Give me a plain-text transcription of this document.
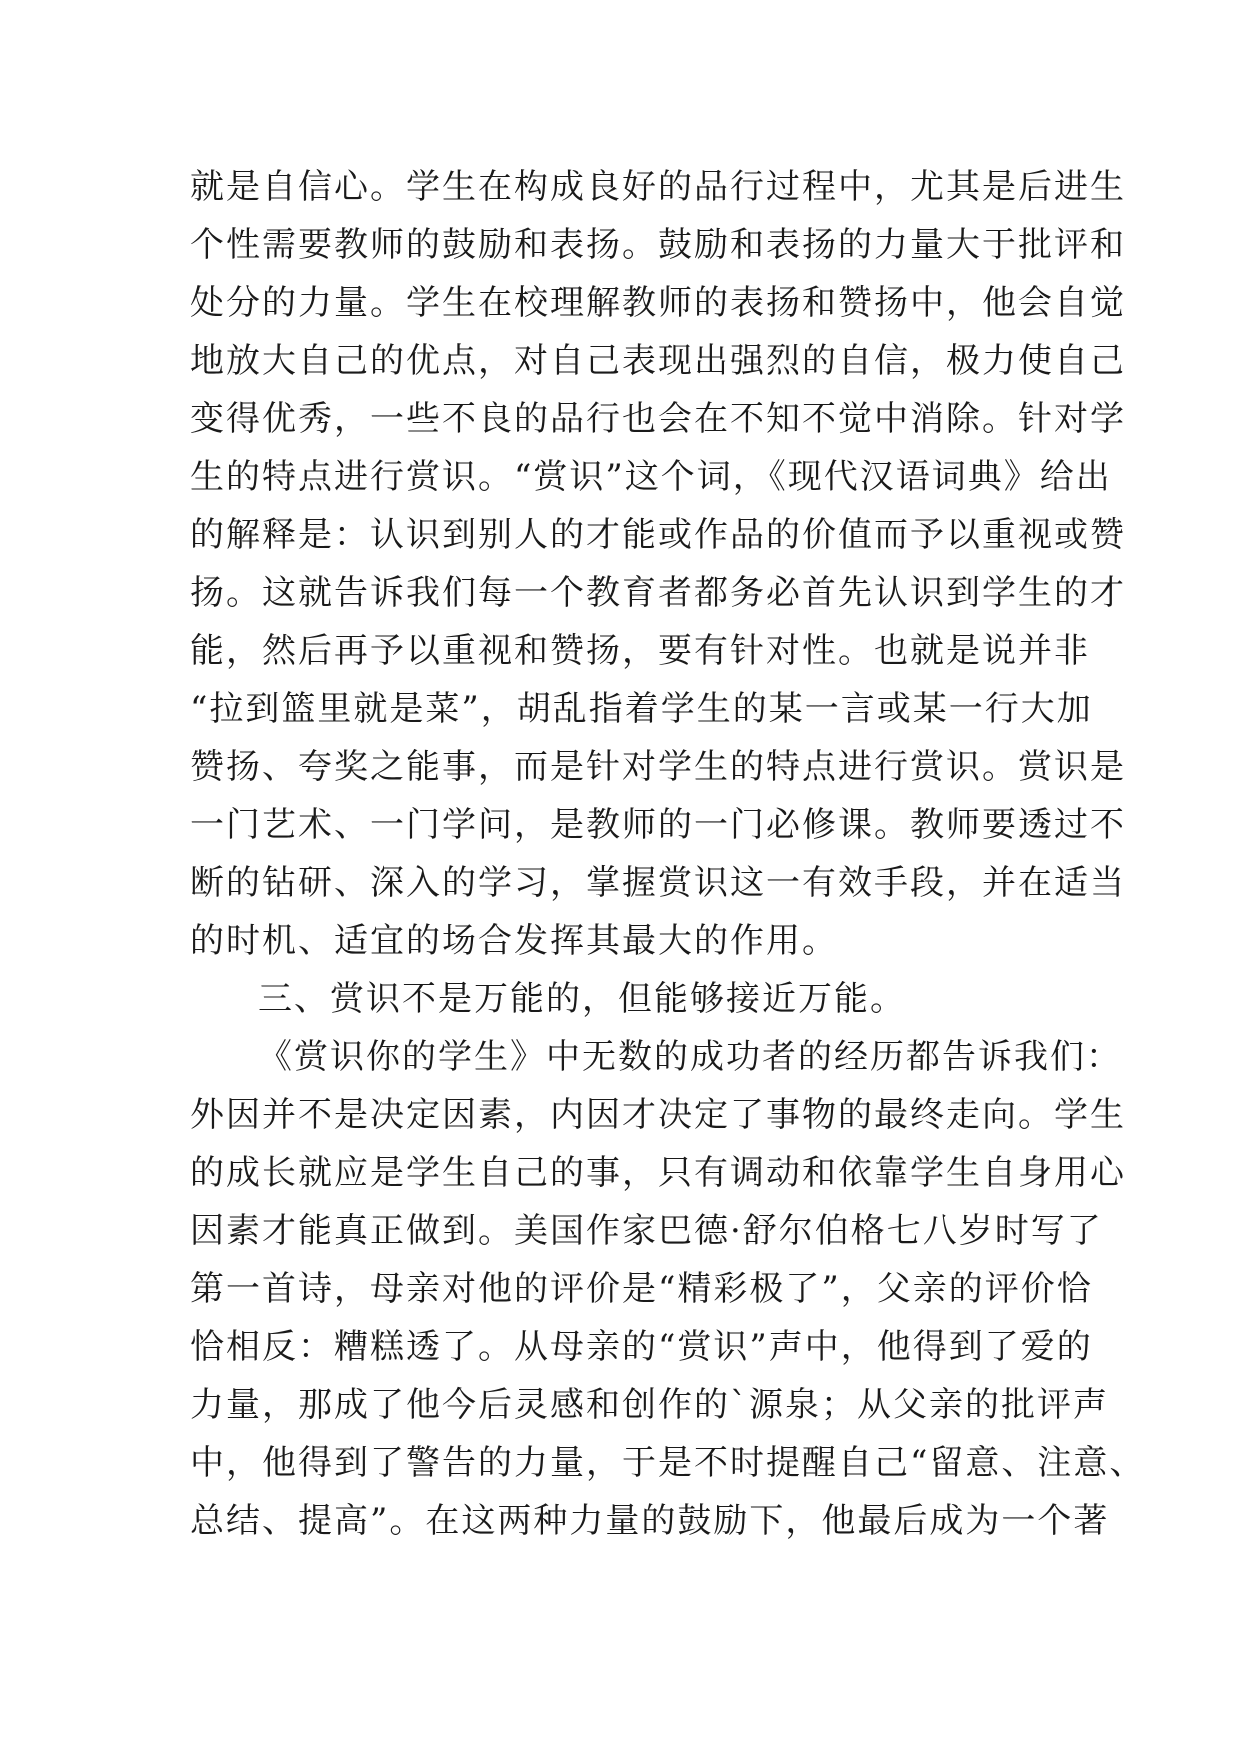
就是自信心。学生在构成良好的品行过程中，尤其是后进生
个性需要教师的鼓励和表扬。鼓励和表扬的力量大于批评和
处分的力量。学生在校理解教师的表扬和赞扬中，他会自觉
地放大自己的优点，对自己表现出强烈的自信，极力使自己
变得优秀，一些不良的品行也会在不知不觉中消除。针对学
生的特点进行赏识。“赏识”这个词，《现代汉语词典》给出
的解释是：认识到别人的才能或作品的价值而予以重视或赞
扬。这就告诉我们每一个教育者都务必首先认识到学生的才
能，然后再予以重视和赞扬，要有针对性。也就是说并非
“拉到篮里就是菜”，胡乱指着学生的某一言或某一行大加
赞扬、夸奖之能事，而是针对学生的特点进行赏识。赏识是
一门艺术、一门学问，是教师的一门必修课。教师要透过不
断的钻研、深入的学习，掌握赏识这一有效手段，并在适当
的时机、适宜的场合发挥其最大的作用。
三、赏识不是万能的，但能够接近万能。
《赏识你的学生》中无数的成功者的经历都告诉我们：
外因并不是决定因素，内因才决定了事物的最终走向。学生
的成长就应是学生自己的事，只有调动和依靠学生自身用心
因素才能真正做到。美国作家巴德·舒尔伯格七八岁时写了
第一首诗，母亲对他的评价是“精彩极了”，父亲的评价恰
恰相反：糟糕透了。从母亲的“赏识”声中，他得到了爱的
力量，那成了他今后灵感和创作的`源泉；从父亲的批评声
中，他得到了警告的力量，于是不时提醒自己“留意、注意、
总结、提高”。在这两种力量的鼓励下，他最后成为一个著
